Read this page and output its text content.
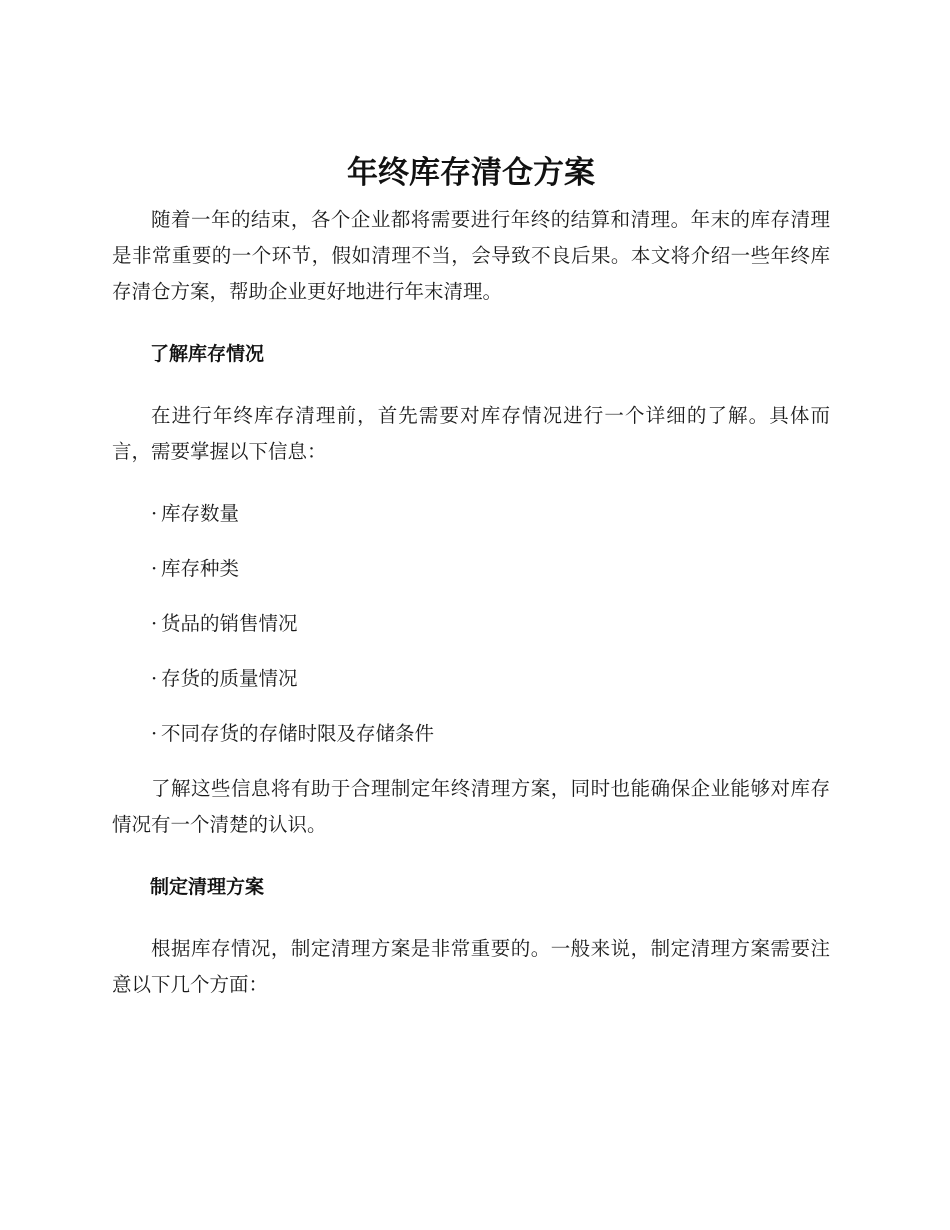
年终库存清仓方案

随着一年的结束，各个企业都将需要进行年终的结算和清理。年末的库存清理是非常重要的一个环节，假如清理不当，会导致不良后果。本文将介绍一些年终库存清仓方案，帮助企业更好地进行年末清理。

了解库存情况

在进行年终库存清理前，首先需要对库存情况进行一个详细的了解。具体而言，需要掌握以下信息：

· 库存数量
· 库存种类
· 货品的销售情况
· 存货的质量情况
· 不同存货的存储时限及存储条件

了解这些信息将有助于合理制定年终清理方案，同时也能确保企业能够对库存情况有一个清楚的认识。

制定清理方案

根据库存情况，制定清理方案是非常重要的。一般来说，制定清理方案需要注意以下几个方面：
